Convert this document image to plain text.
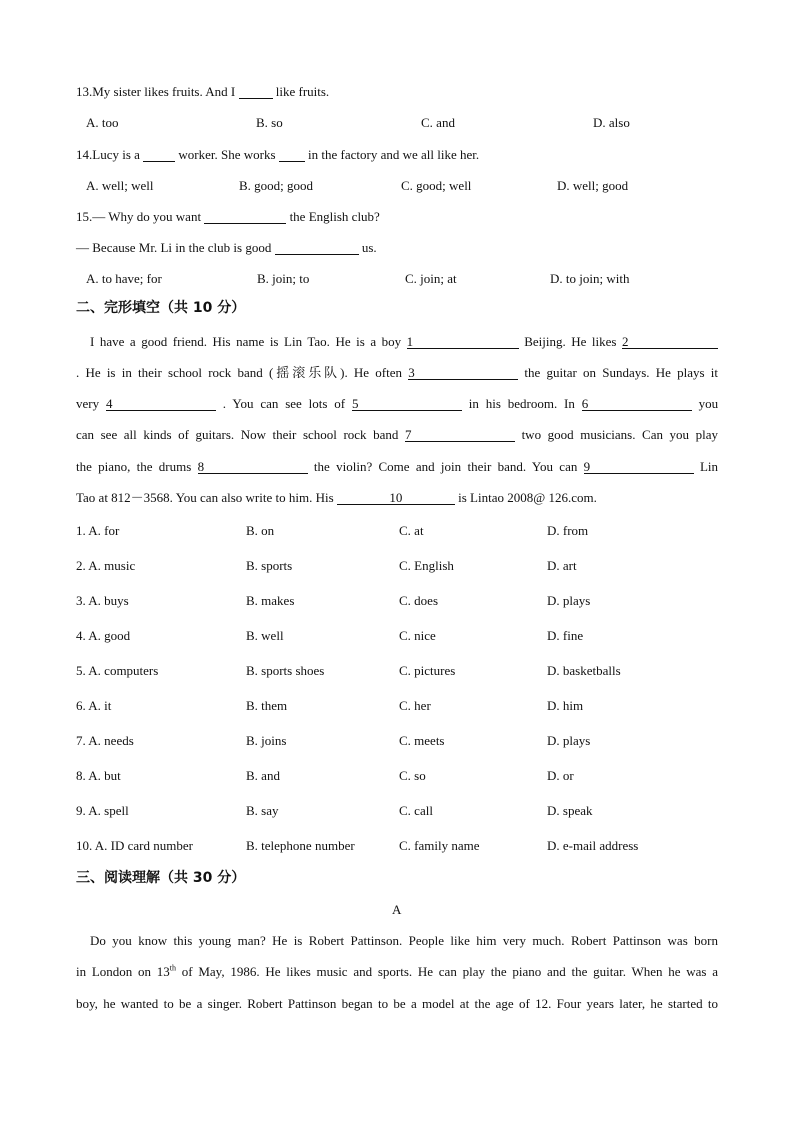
13.My sister likes fruits. And I	like fruits.
A. too	B. so	C. and	D. also
14.Lucy is a	worker. She works	in the factory and we all like her.
A. well; well	B. good; good	C. good; well	D. well; good
15.— Why do you want	the English club?
— Because Mr. Li in the club is good	us.
A. to have; for	B. join; to	C. join; at	D. to join; with
二、完形填空（共 10 分）
I have a good friend. His name is Lin Tao. He is a boy 1	Beijing. He likes 2
. He is in their school rock band (摇滚乐队). He often 3	the guitar on Sundays. He plays it
very 4	. You can see lots of 5	in his bedroom. In 6	you
can see all kinds of guitars. Now their school rock band 7	two good musicians. Can you play
the piano, the drums 8	the violin? Come and join their band. You can 9	Lin
Tao at 812－3568. You can also write to him. His	10	is Lintao 2008@ 126.com.
1. A. for	B. on	C. at	D. from
2. A. music	B. sports	C. English	D. art
3. A. buys	B. makes	C. does	D. plays
4. A. good	B. well	C. nice	D. fine
5. A. computers	B. sports shoes	C. pictures	D. basketballs
6. A. it	B. them	C. her	D. him
7. A. needs	B. joins	C. meets	D. plays
8. A. but	B. and	C. so	D. or
9. A. spell	B. say	C. call	D. speak
10. A. ID card number	B. telephone number	C. family name	D. e-mail address
三、阅读理解（共 30 分）
A
Do you know this young man? He is Robert Pattinson. People like him very much. Robert Pattinson was born
in London on 13th of May, 1986. He likes music and sports. He can play the piano and the guitar. When he was a
boy, he wanted to be a singer. Robert Pattinson began to be a model at the age of 12. Four years later, he started to
